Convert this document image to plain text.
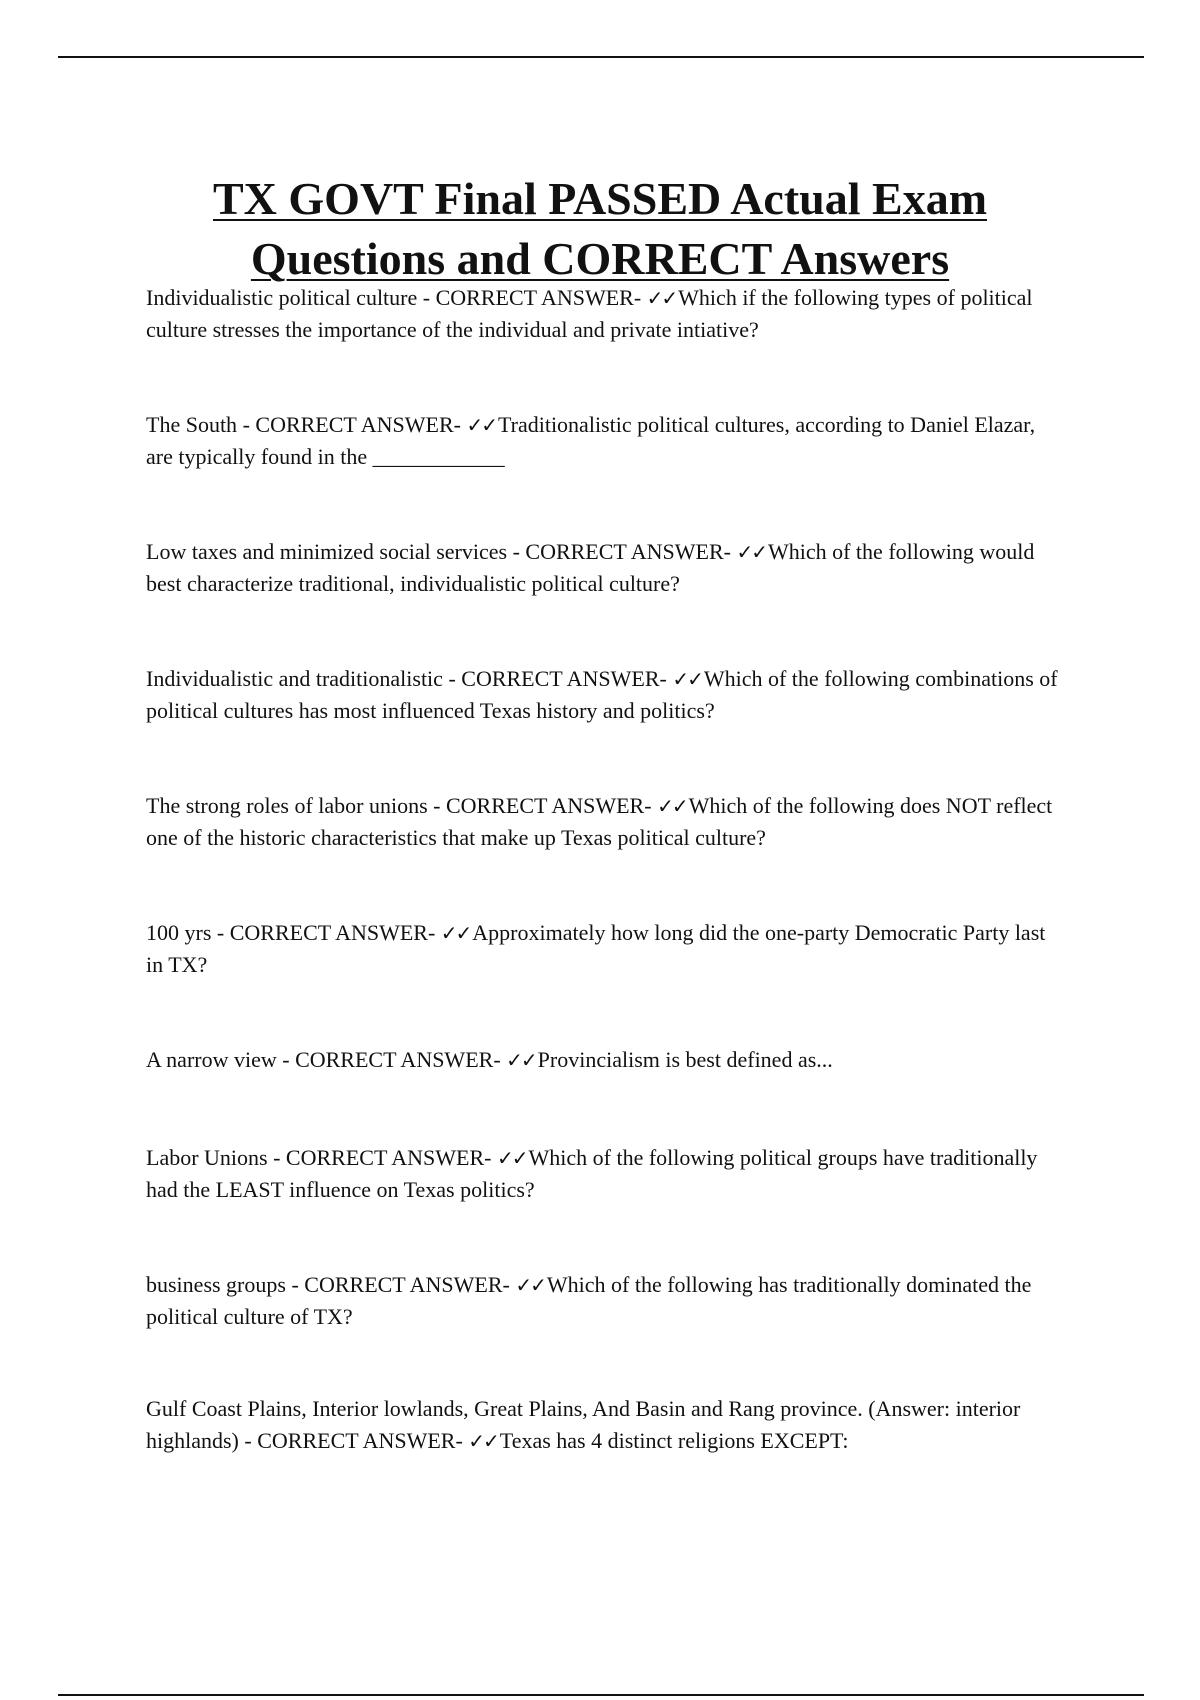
TX GOVT Final PASSED Actual Exam
Questions and CORRECT Answers

Individualistic political culture - CORRECT ANSWER- ✓✓Which if the following types of political culture stresses the importance of the individual and private intiative?

The South - CORRECT ANSWER- ✓✓Traditionalistic political cultures, according to Daniel Elazar, are typically found in the ____________

Low taxes and minimized social services - CORRECT ANSWER- ✓✓Which of the following would best characterize traditional, individualistic political culture?

Individualistic and traditionalistic - CORRECT ANSWER- ✓✓Which of the following combinations of political cultures has most influenced Texas history and politics?

The strong roles of labor unions - CORRECT ANSWER- ✓✓Which of the following does NOT reflect one of the historic characteristics that make up Texas political culture?

100 yrs - CORRECT ANSWER- ✓✓Approximately how long did the one-party Democratic Party last in TX?

A narrow view - CORRECT ANSWER- ✓✓Provincialism is best defined as...

Labor Unions - CORRECT ANSWER- ✓✓Which of the following political groups have traditionally had the LEAST influence on Texas politics?

business groups - CORRECT ANSWER- ✓✓Which of the following has traditionally dominated the political culture of TX?

Gulf Coast Plains, Interior lowlands, Great Plains, And Basin and Rang province. (Answer: interior highlands) - CORRECT ANSWER- ✓✓Texas has 4 distinct religions EXCEPT:
